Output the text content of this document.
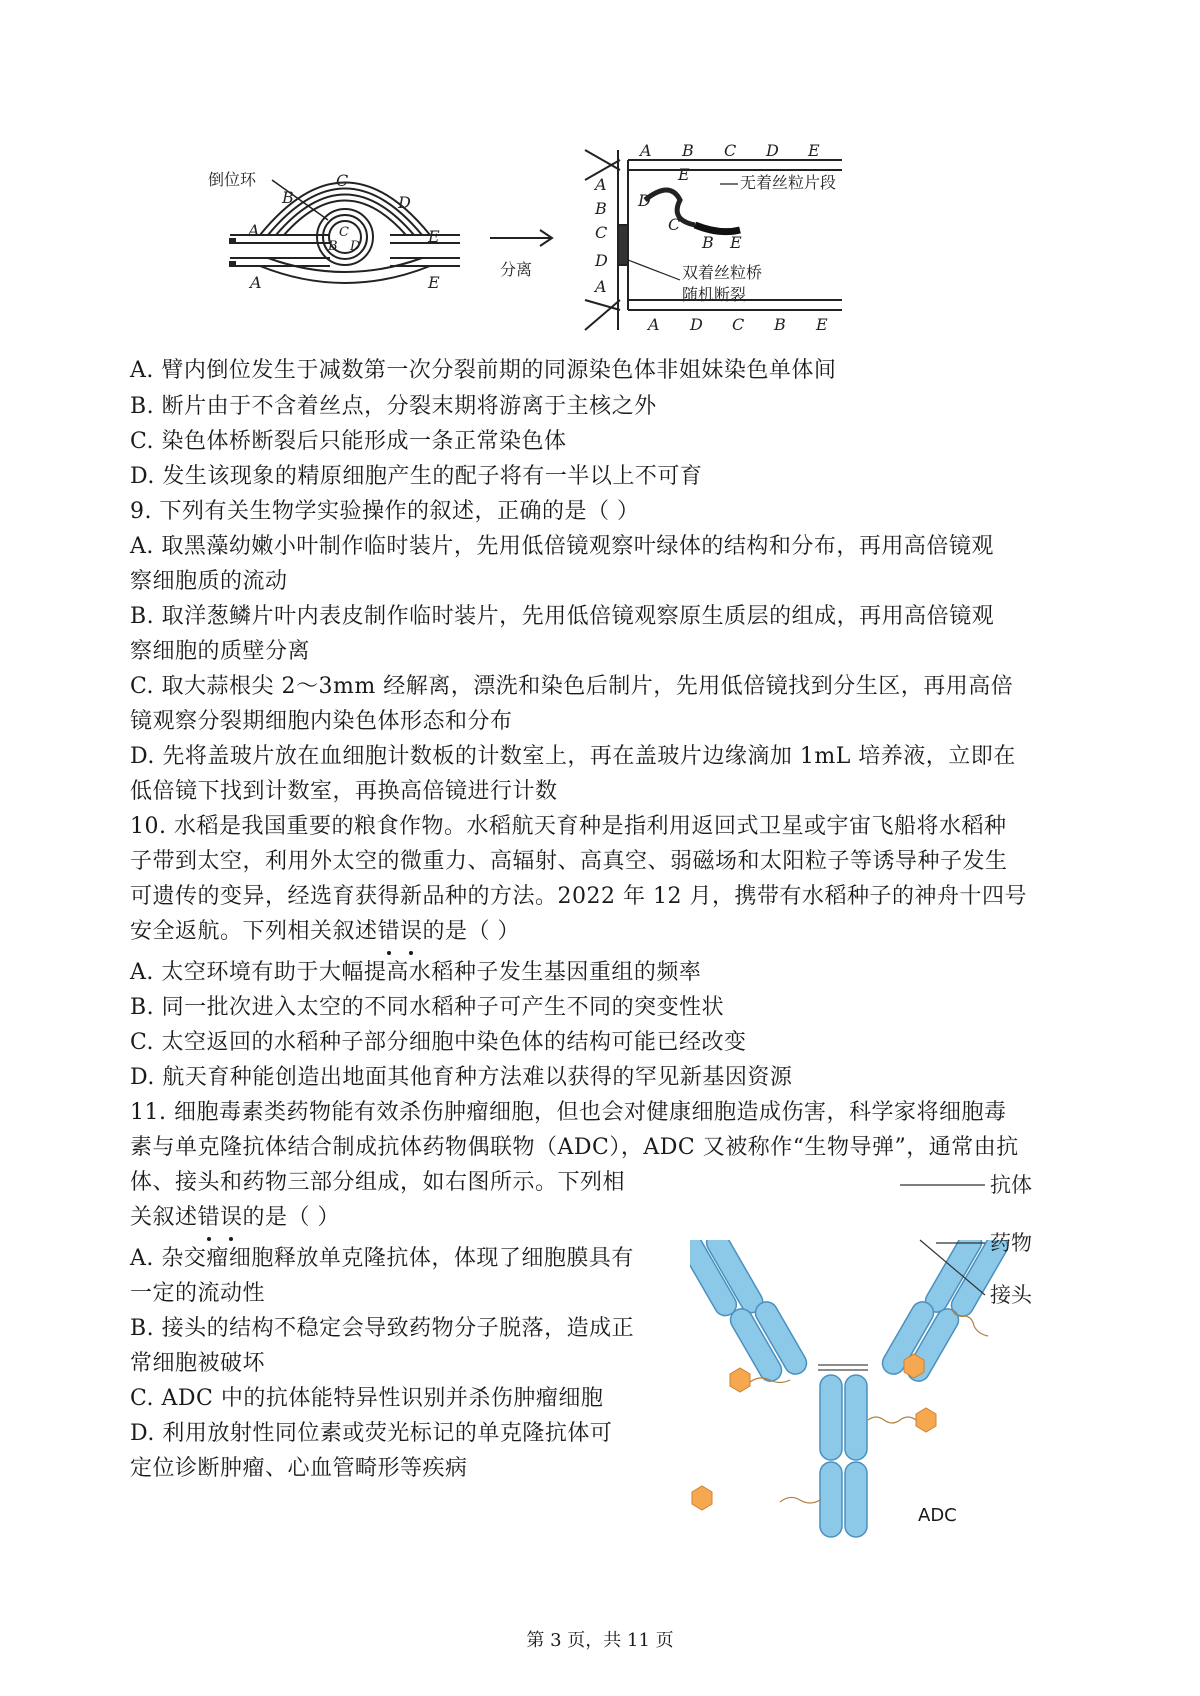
倒位环	C
B	D
A	E
C
B D
A	E
分离
A B C D E
A
B
C
D
A
A D C B E
E
D
C
B E
无着丝粒片段
双着丝粒桥
随机断裂
A. 臂内倒位发生于减数第一次分裂前期的同源染色体非姐妹染色单体间
B. 断片由于不含着丝点，分裂末期将游离于主核之外
C. 染色体桥断裂后只能形成一条正常染色体
D. 发生该现象的精原细胞产生的配子将有一半以上不可育
9. 下列有关生物学实验操作的叙述，正确的是（ ）
A. 取黑藻幼嫩小叶制作临时装片，先用低倍镜观察叶绿体的结构和分布，再用高倍镜观
察细胞质的流动
B. 取洋葱鳞片叶内表皮制作临时装片，先用低倍镜观察原生质层的组成，再用高倍镜观
察细胞的质壁分离
C. 取大蒜根尖 2～3mm 经解离，漂洗和染色后制片，先用低倍镜找到分生区，再用高倍
镜观察分裂期细胞内染色体形态和分布
D. 先将盖玻片放在血细胞计数板的计数室上，再在盖玻片边缘滴加 1mL 培养液，立即在
低倍镜下找到计数室，再换高倍镜进行计数
10. 水稻是我国重要的粮食作物。水稻航天育种是指利用返回式卫星或宇宙飞船将水稻种
子带到太空，利用外太空的微重力、高辐射、高真空、弱磁场和太阳粒子等诱导种子发生
可遗传的变异，经选育获得新品种的方法。2022 年 12 月，携带有水稻种子的神舟十四号
安全返航。下列相关叙述错误的是（ ）
A. 太空环境有助于大幅提高水稻种子发生基因重组的频率
B. 同一批次进入太空的不同水稻种子可产生不同的突变性状
C. 太空返回的水稻种子部分细胞中染色体的结构可能已经改变
D. 航天育种能创造出地面其他育种方法难以获得的罕见新基因资源
11. 细胞毒素类药物能有效杀伤肿瘤细胞，但也会对健康细胞造成伤害，科学家将细胞毒
素与单克隆抗体结合制成抗体药物偶联物（ADC），ADC 又被称作“生物导弹”，通常由抗
体、接头和药物三部分组成，如右图所示。下列相
关叙述错误的是（ ）
A. 杂交瘤细胞释放单克隆抗体，体现了细胞膜具有
一定的流动性
B. 接头的结构不稳定会导致药物分子脱落，造成正
常细胞被破坏
C. ADC 中的抗体能特异性识别并杀伤肿瘤细胞
D. 利用放射性同位素或荧光标记的单克隆抗体可
定位诊断肿瘤、心血管畸形等疾病
抗体
药物
接头
ADC
第 3 页，共 11 页
